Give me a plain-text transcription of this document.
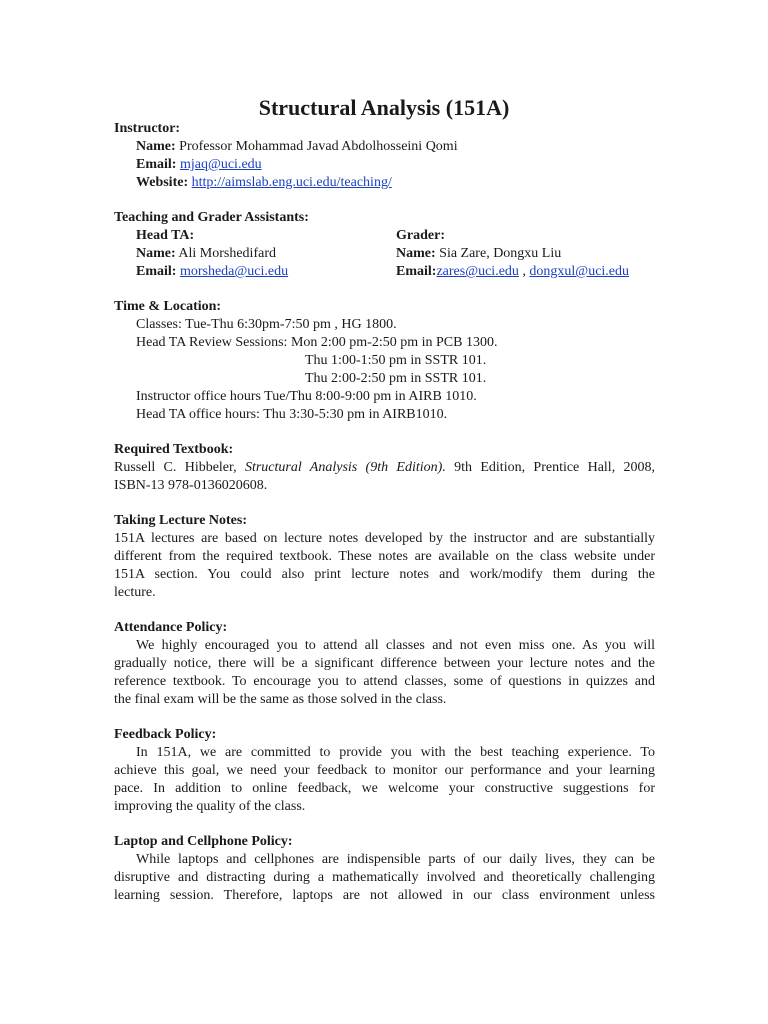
Structural Analysis (151A)
Instructor:
Name: Professor Mohammad Javad Abdolhosseini Qomi
Email: mjaq@uci.edu
Website: http://aimslab.eng.uci.edu/teaching/
Teaching and Grader Assistants:
Head TA:	Grader:
Name: Ali Morshedifard	Name: Sia Zare, Dongxu Liu
Email: morsheda@uci.edu	Email:zares@uci.edu , dongxul@uci.edu
Time & Location:
Classes: Tue-Thu 6:30pm-7:50 pm , HG 1800.
Head TA Review Sessions: Mon 2:00 pm-2:50 pm in PCB 1300.
Thu 1:00-1:50 pm in SSTR 101.
Thu 2:00-2:50 pm in SSTR 101.
Instructor office hours Tue/Thu 8:00-9:00 pm in AIRB 1010.
Head TA office hours: Thu 3:30-5:30 pm in AIRB1010.
Required Textbook:
Russell C. Hibbeler, Structural Analysis (9th Edition). 9th Edition, Prentice Hall, 2008,
ISBN-13 978-0136020608.
Taking Lecture Notes:
151A lectures are based on lecture notes developed by the instructor and are substantially
different from the required textbook. These notes are available on the class website under
151A section. You could also print lecture notes and work/modify them during the
lecture.
Attendance Policy:
We highly encouraged you to attend all classes and not even miss one. As you will
gradually notice, there will be a significant difference between your lecture notes and the
reference textbook. To encourage you to attend classes, some of questions in quizzes and
the final exam will be the same as those solved in the class.
Feedback Policy:
In 151A, we are committed to provide you with the best teaching experience. To
achieve this goal, we need your feedback to monitor our performance and your learning
pace. In addition to online feedback, we welcome your constructive suggestions for
improving the quality of the class.
Laptop and Cellphone Policy:
While laptops and cellphones are indispensible parts of our daily lives, they can be
disruptive and distracting during a mathematically involved and theoretically challenging
learning session. Therefore, laptops are not allowed in our class environment unless
